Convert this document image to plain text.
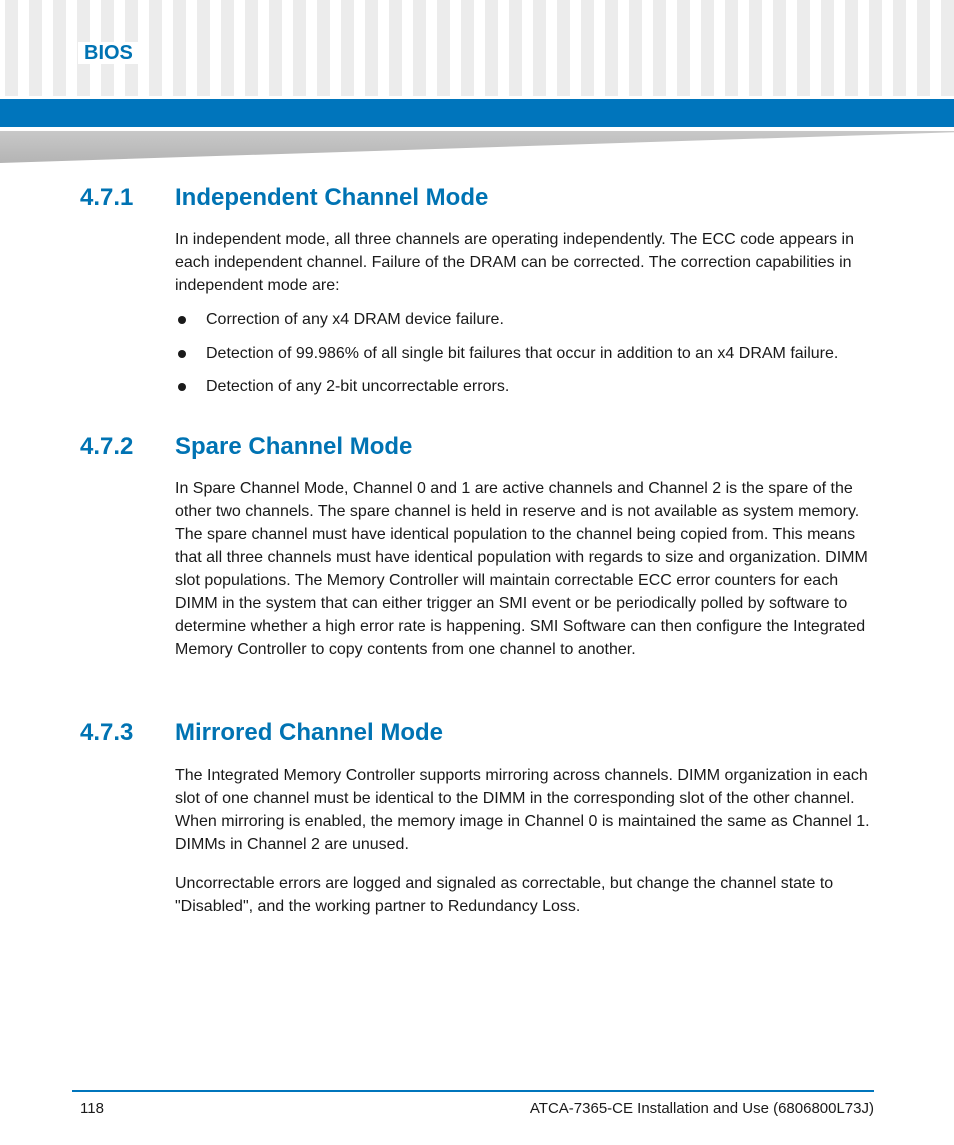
BIOS
4.7.1 Independent Channel Mode

In independent mode, all three channels are operating independently. The ECC code appears in each independent channel. Failure of the DRAM can be corrected. The correction capabilities in independent mode are:

Correction of any x4 DRAM device failure.
Detection of 99.986% of all single bit failures that occur in addition to an x4 DRAM failure.
Detection of any 2-bit uncorrectable errors.
4.7.2 Spare Channel Mode

In Spare Channel Mode, Channel 0 and 1 are active channels and Channel 2 is the spare of the other two channels. The spare channel is held in reserve and is not available as system memory. The spare channel must have identical population to the channel being copied from. This means that all three channels must have identical population with regards to size and organization. DIMM slot populations. The Memory Controller will maintain correctable ECC error counters for each DIMM in the system that can either trigger an SMI event or be periodically polled by software to determine whether a high error rate is happening. SMI Software can then configure the Integrated Memory Controller to copy contents from one channel to another.

4.7.3 Mirrored Channel Mode

The Integrated Memory Controller supports mirroring across channels. DIMM organization in each slot of one channel must be identical to the DIMM in the corresponding slot of the other channel. When mirroring is enabled, the memory image in Channel 0 is maintained the same as Channel 1. DIMMs in Channel 2 are unused.

Uncorrectable errors are logged and signaled as correctable, but change the channel state to "Disabled", and the working partner to Redundancy Loss.

118	ATCA-7365-CE Installation and Use (6806800L73J)
